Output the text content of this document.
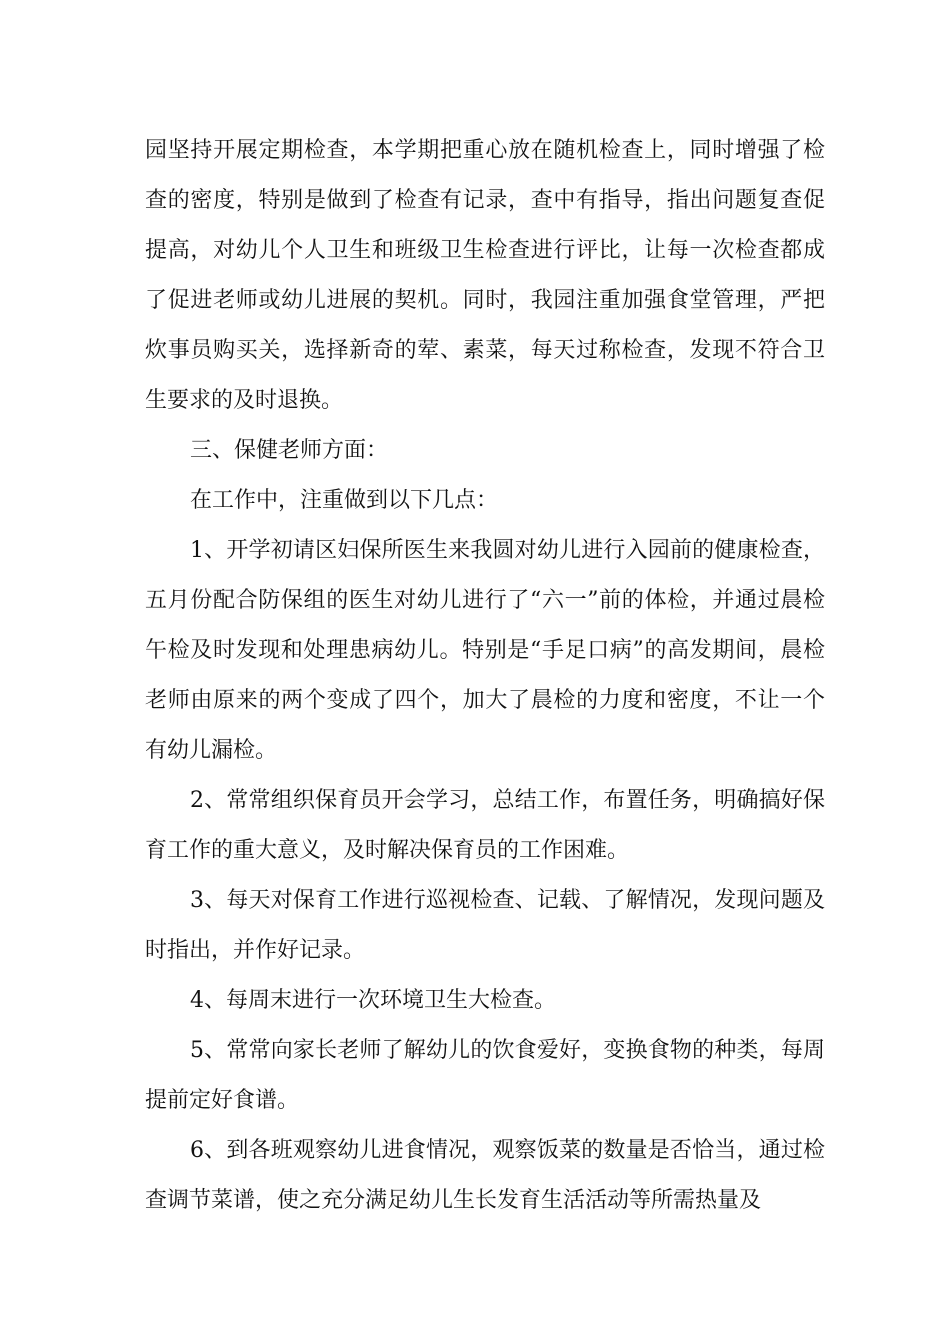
园坚持开展定期检查，本学期把重心放在随机检查上，同时增强了检查的密度，特别是做到了检查有记录，查中有指导，指出问题复查促提高，对幼儿个人卫生和班级卫生检查进行评比，让每一次检查都成了促进老师或幼儿进展的契机。同时，我园注重加强食堂管理，严把炊事员购买关，选择新奇的荤、素菜，每天过称检查，发现不符合卫生要求的及时退换。

三、保健老师方面：

在工作中，注重做到以下几点：

1、开学初请区妇保所医生来我圆对幼儿进行入园前的健康检查，五月份配合防保组的医生对幼儿进行了“六一”前的体检，并通过晨检午检及时发现和处理患病幼儿。特别是“手足口病”的高发期间，晨检老师由原来的两个变成了四个，加大了晨检的力度和密度，不让一个有幼儿漏检。

2、常常组织保育员开会学习，总结工作，布置任务，明确搞好保育工作的重大意义，及时解决保育员的工作困难。

3、每天对保育工作进行巡视检查、记载、了解情况，发现问题及时指出，并作好记录。

4、每周末进行一次环境卫生大检查。

5、常常向家长老师了解幼儿的饮食爱好，变换食物的种类，每周提前定好食谱。

6、到各班观察幼儿进食情况，观察饭菜的数量是否恰当，通过检查调节菜谱，使之充分满足幼儿生长发育生活活动等所需热量及
